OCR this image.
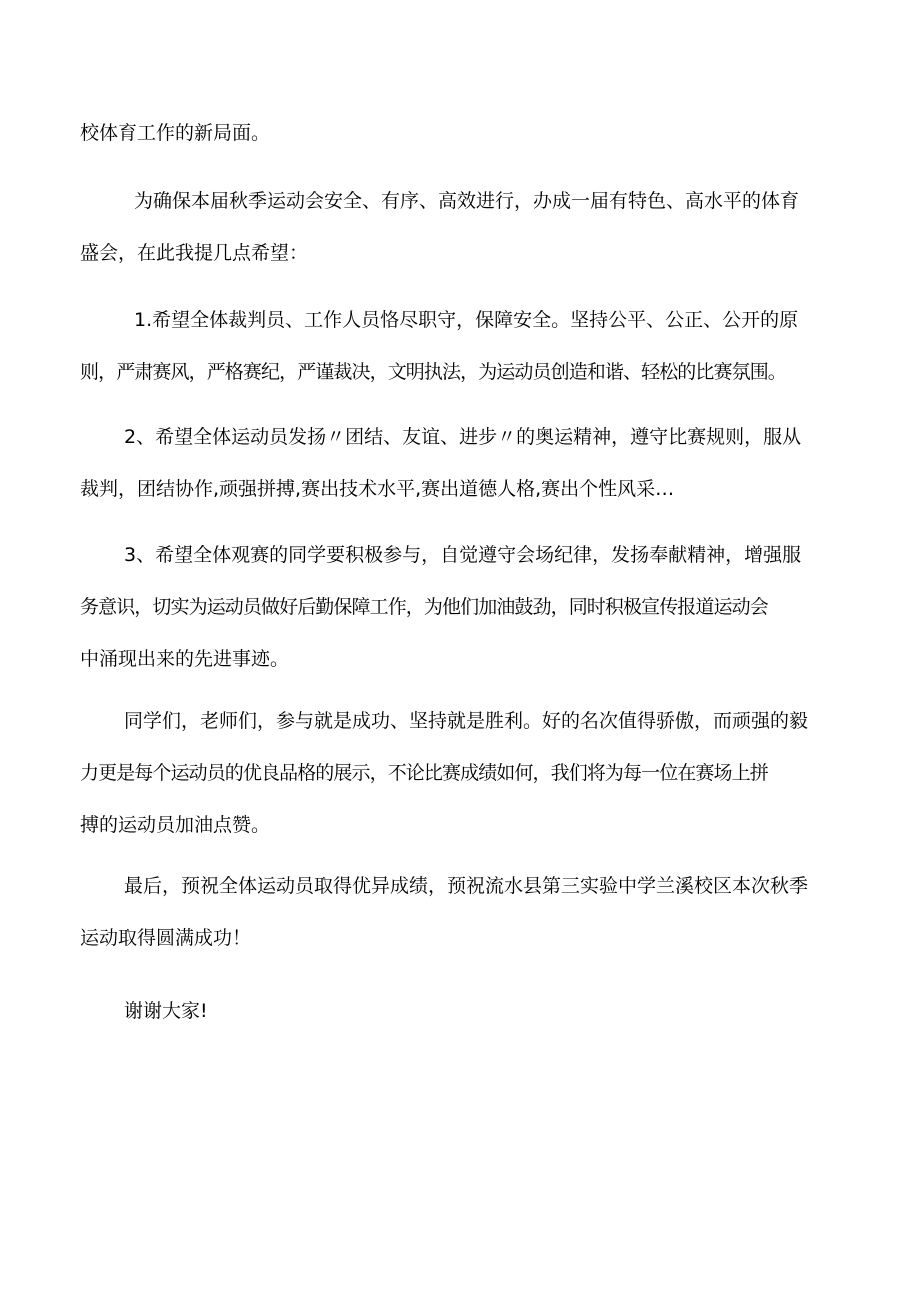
校体育工作的新局面。
为确保本届秋季运动会安全、有序、高效进行，办成一届有特色、高水平的体育
盛会，在此我提几点希望：
1.希望全体裁判员、工作人员恪尽职守，保障安全。坚持公平、公正、公开的原
则，严肃赛风，严格赛纪，严谨裁决，文明执法，为运动员创造和谐、轻松的比赛氛围。
2、希望全体运动员发扬〃团结、友谊、进步〃的奥运精神，遵守比赛规则，服从
裁判，团结协作,顽强拼搏,赛出技术水平,赛出道德人格,赛出个性风采…
3、希望全体观赛的同学要积极参与，自觉遵守会场纪律，发扬奉献精神，增强服
务意识，切实为运动员做好后勤保障工作，为他们加油鼓劲，同时积极宣传报道运动会
中涌现出来的先进事迹。
同学们，老师们，参与就是成功、坚持就是胜利。好的名次值得骄傲，而顽强的毅
力更是每个运动员的优良品格的展示，不论比赛成绩如何，我们将为每一位在赛场上拼
搏的运动员加油点赞。
最后，预祝全体运动员取得优异成绩，预祝流水县第三实验中学兰溪校区本次秋季
运动取得圆满成功！
谢谢大家!
